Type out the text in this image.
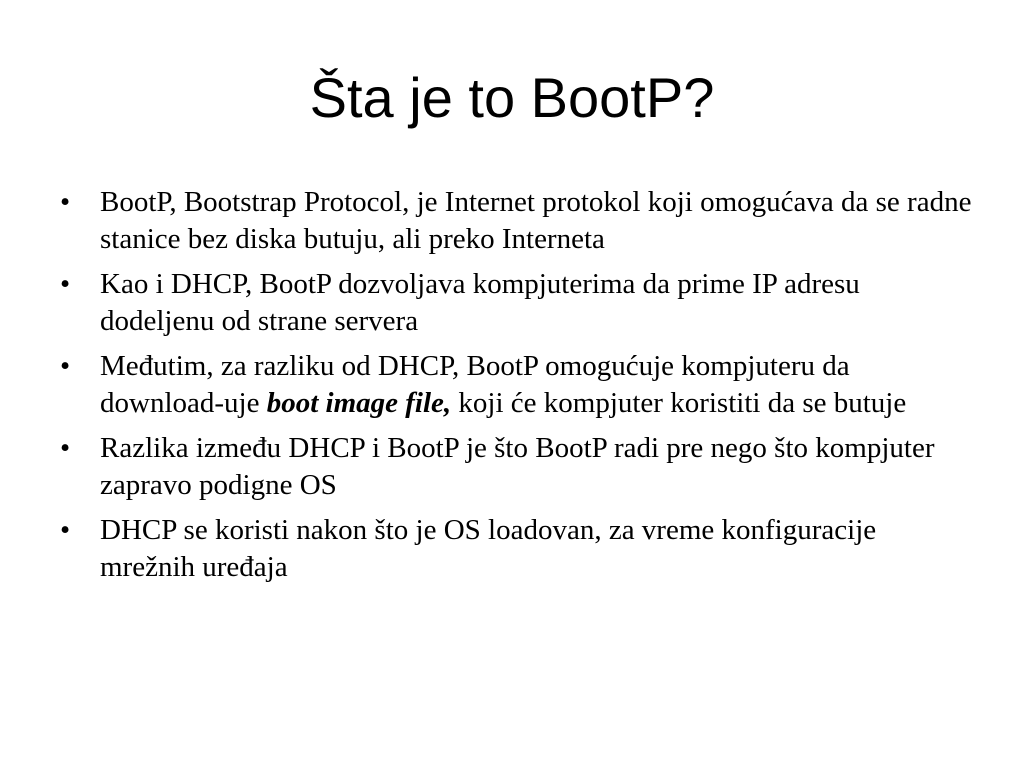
Šta je to BootP?
• BootP, Bootstrap Protocol, je Internet protokol koji omogućava da se radne stanice bez diska butuju, ali preko Interneta
• Kao i DHCP, BootP dozvoljava kompjuterima da prime IP adresu dodeljenu od strane servera
• Međutim, za razliku od DHCP, BootP omogućuje kompjuteru da download-uje boot image file, koji će kompjuter koristiti da se butuje
• Razlika između DHCP i BootP je što BootP radi pre nego što kompjuter zapravo podigne OS
• DHCP se koristi nakon što je OS loadovan, za vreme konfiguracije mrežnih uređaja
